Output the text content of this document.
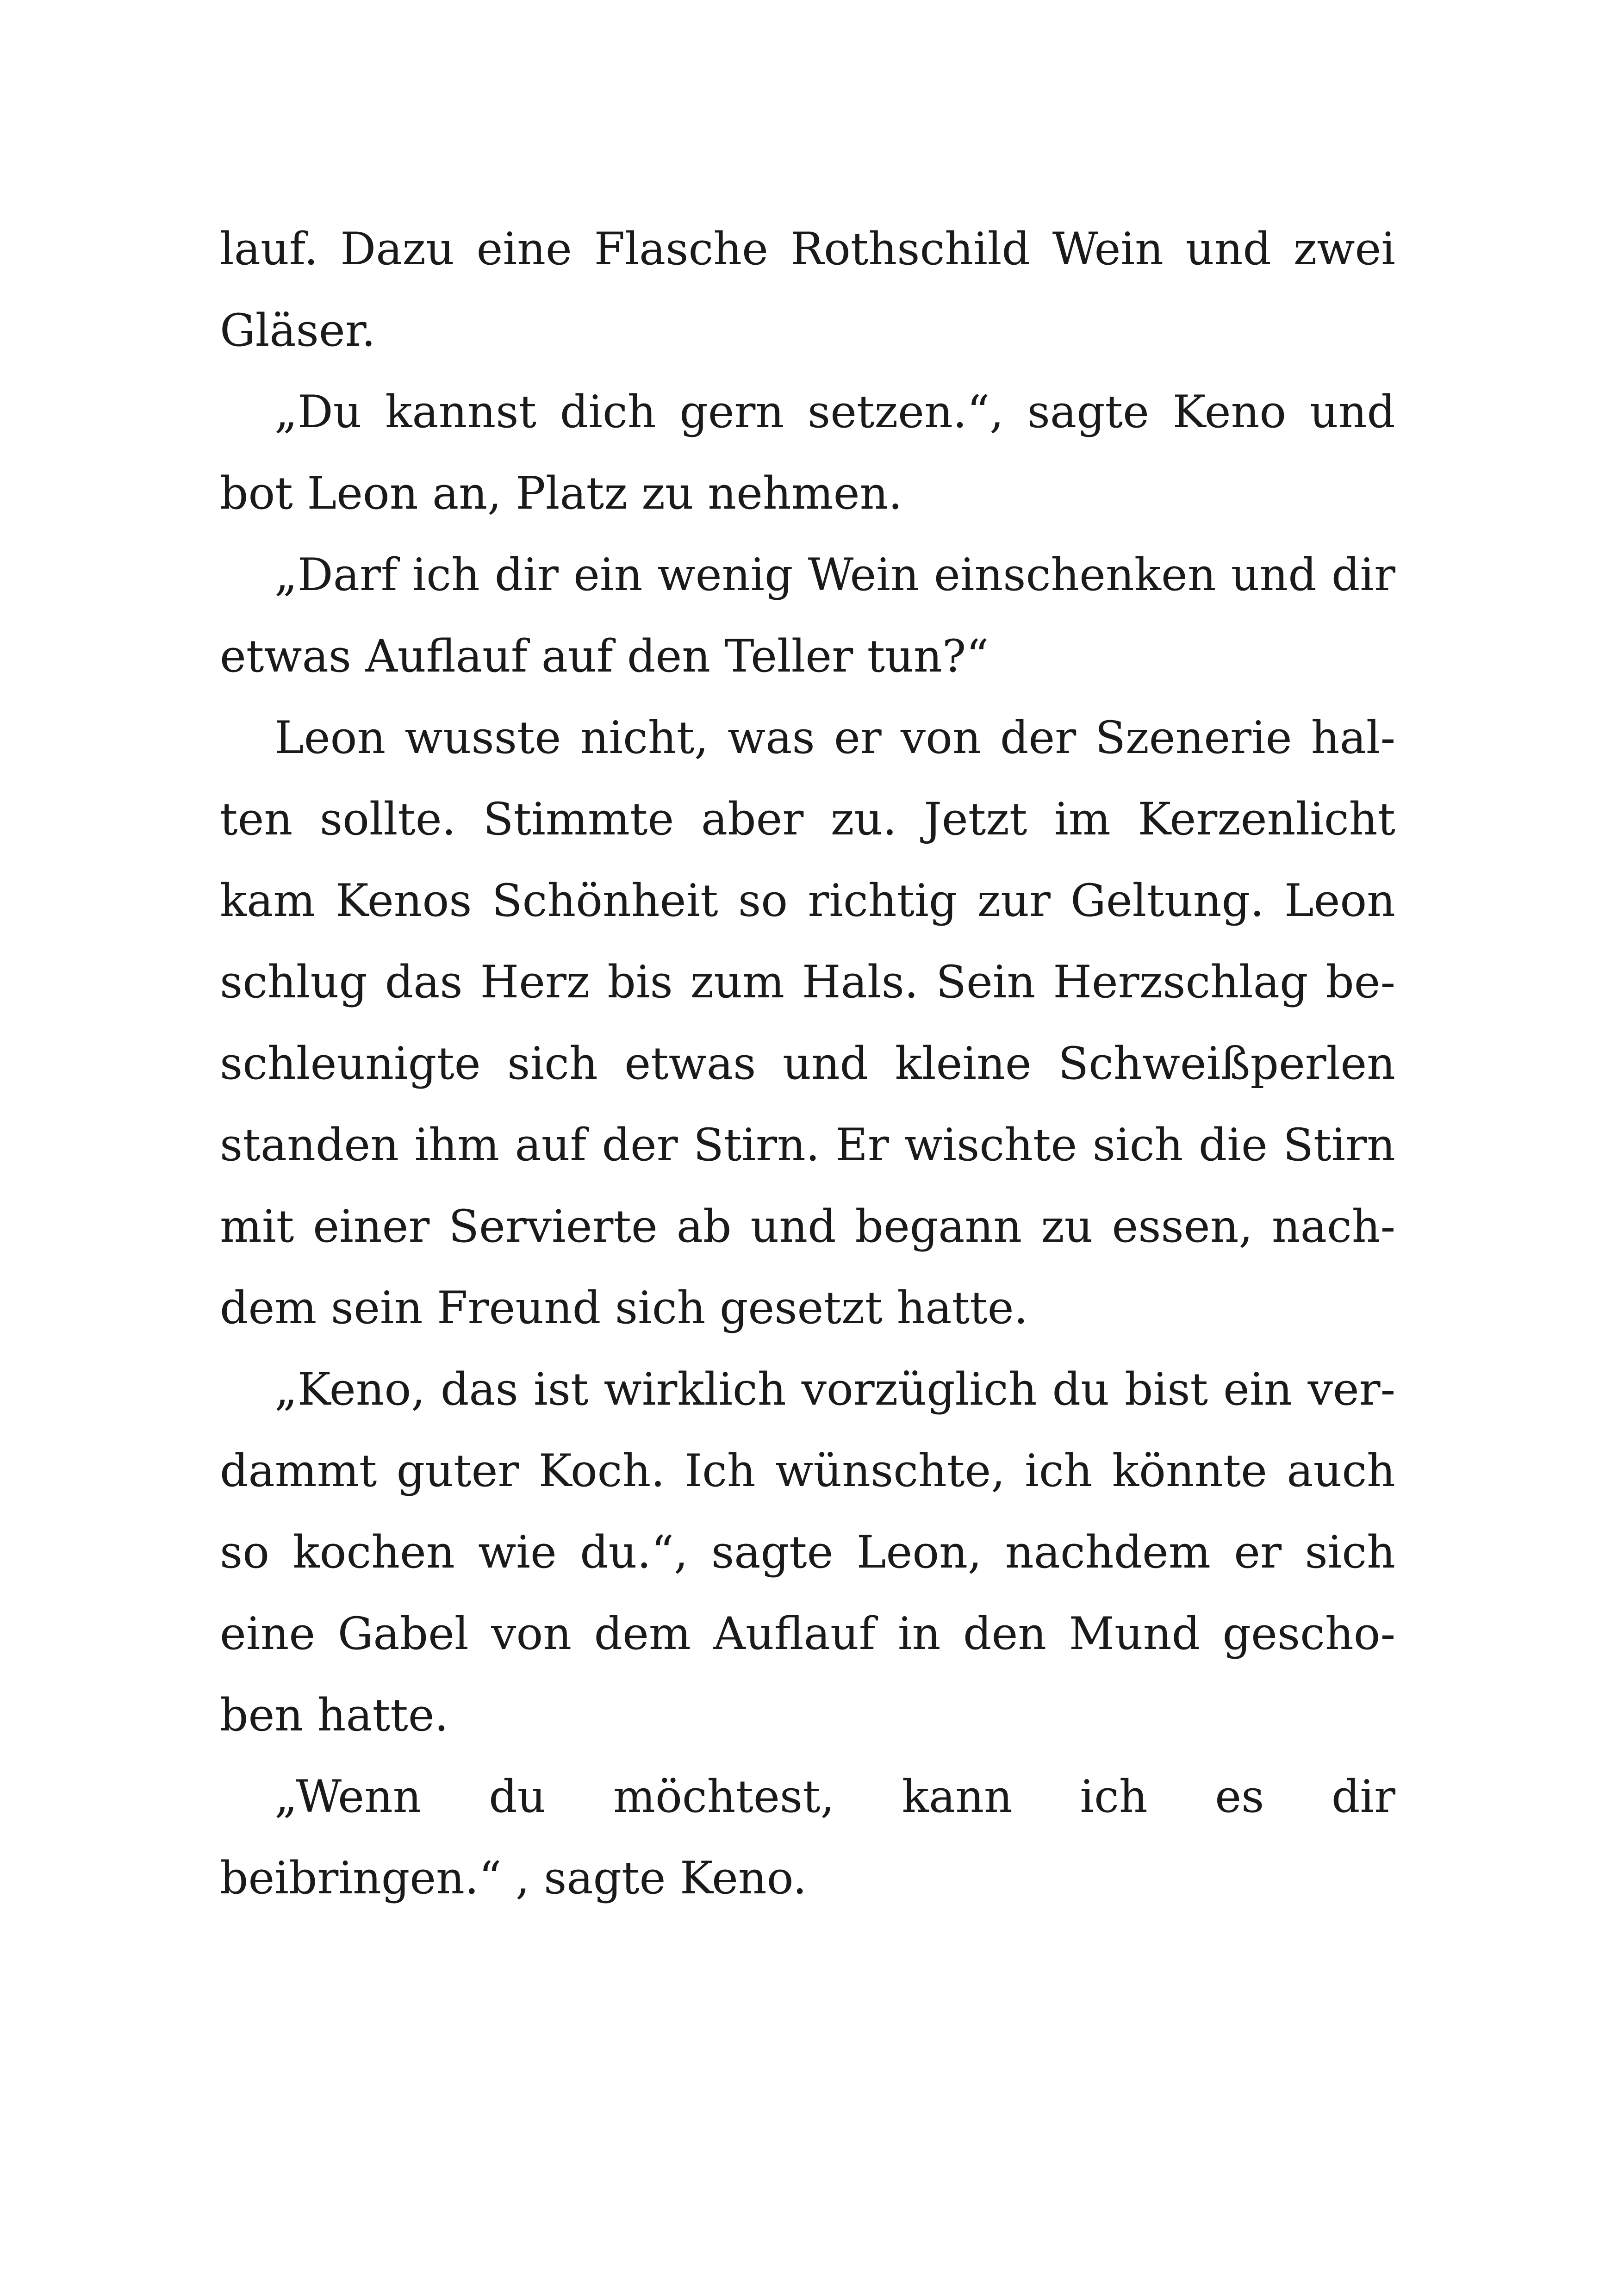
lauf. Dazu eine Flasche Rothschild Wein und zwei
Gläser.
„Du kannst dich gern setzen.“, sagte Keno und
bot Leon an, Platz zu nehmen.
„Darf ich dir ein wenig Wein einschenken und dir
etwas Auflauf auf den Teller tun?“
Leon wusste nicht, was er von der Szenerie hal-
ten sollte. Stimmte aber zu. Jetzt im Kerzenlicht
kam Kenos Schönheit so richtig zur Geltung. Leon
schlug das Herz bis zum Hals. Sein Herzschlag be-
schleunigte sich etwas und kleine Schweißperlen
standen ihm auf der Stirn. Er wischte sich die Stirn
mit einer Servierte ab und begann zu essen, nach-
dem sein Freund sich gesetzt hatte.
„Keno, das ist wirklich vorzüglich du bist ein ver-
dammt guter Koch. Ich wünschte, ich könnte auch
so kochen wie du.“, sagte Leon, nachdem er sich
eine Gabel von dem Auflauf in den Mund gescho-
ben hatte.
„Wenn du möchtest, kann ich es dir
beibringen.“ , sagte Keno.
